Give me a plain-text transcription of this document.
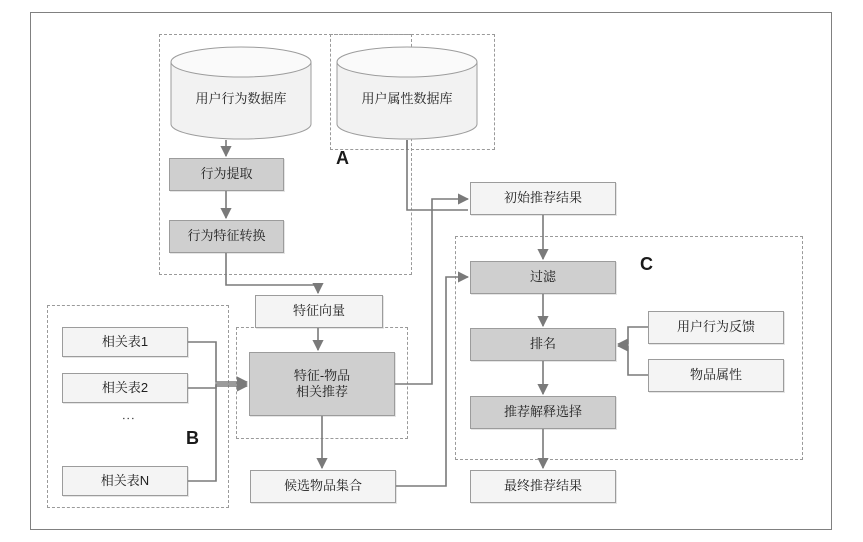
A
B
C
用户行为数据库	用户属性数据库
行为提取
行为特征转换
特征向量
相关表1
相关表2
⋮
相关表N
特征-物品
相关推荐
候选物品集合
初始推荐结果
过滤
排名
推荐解释选择
用户行为反馈
物品属性
最终推荐结果
